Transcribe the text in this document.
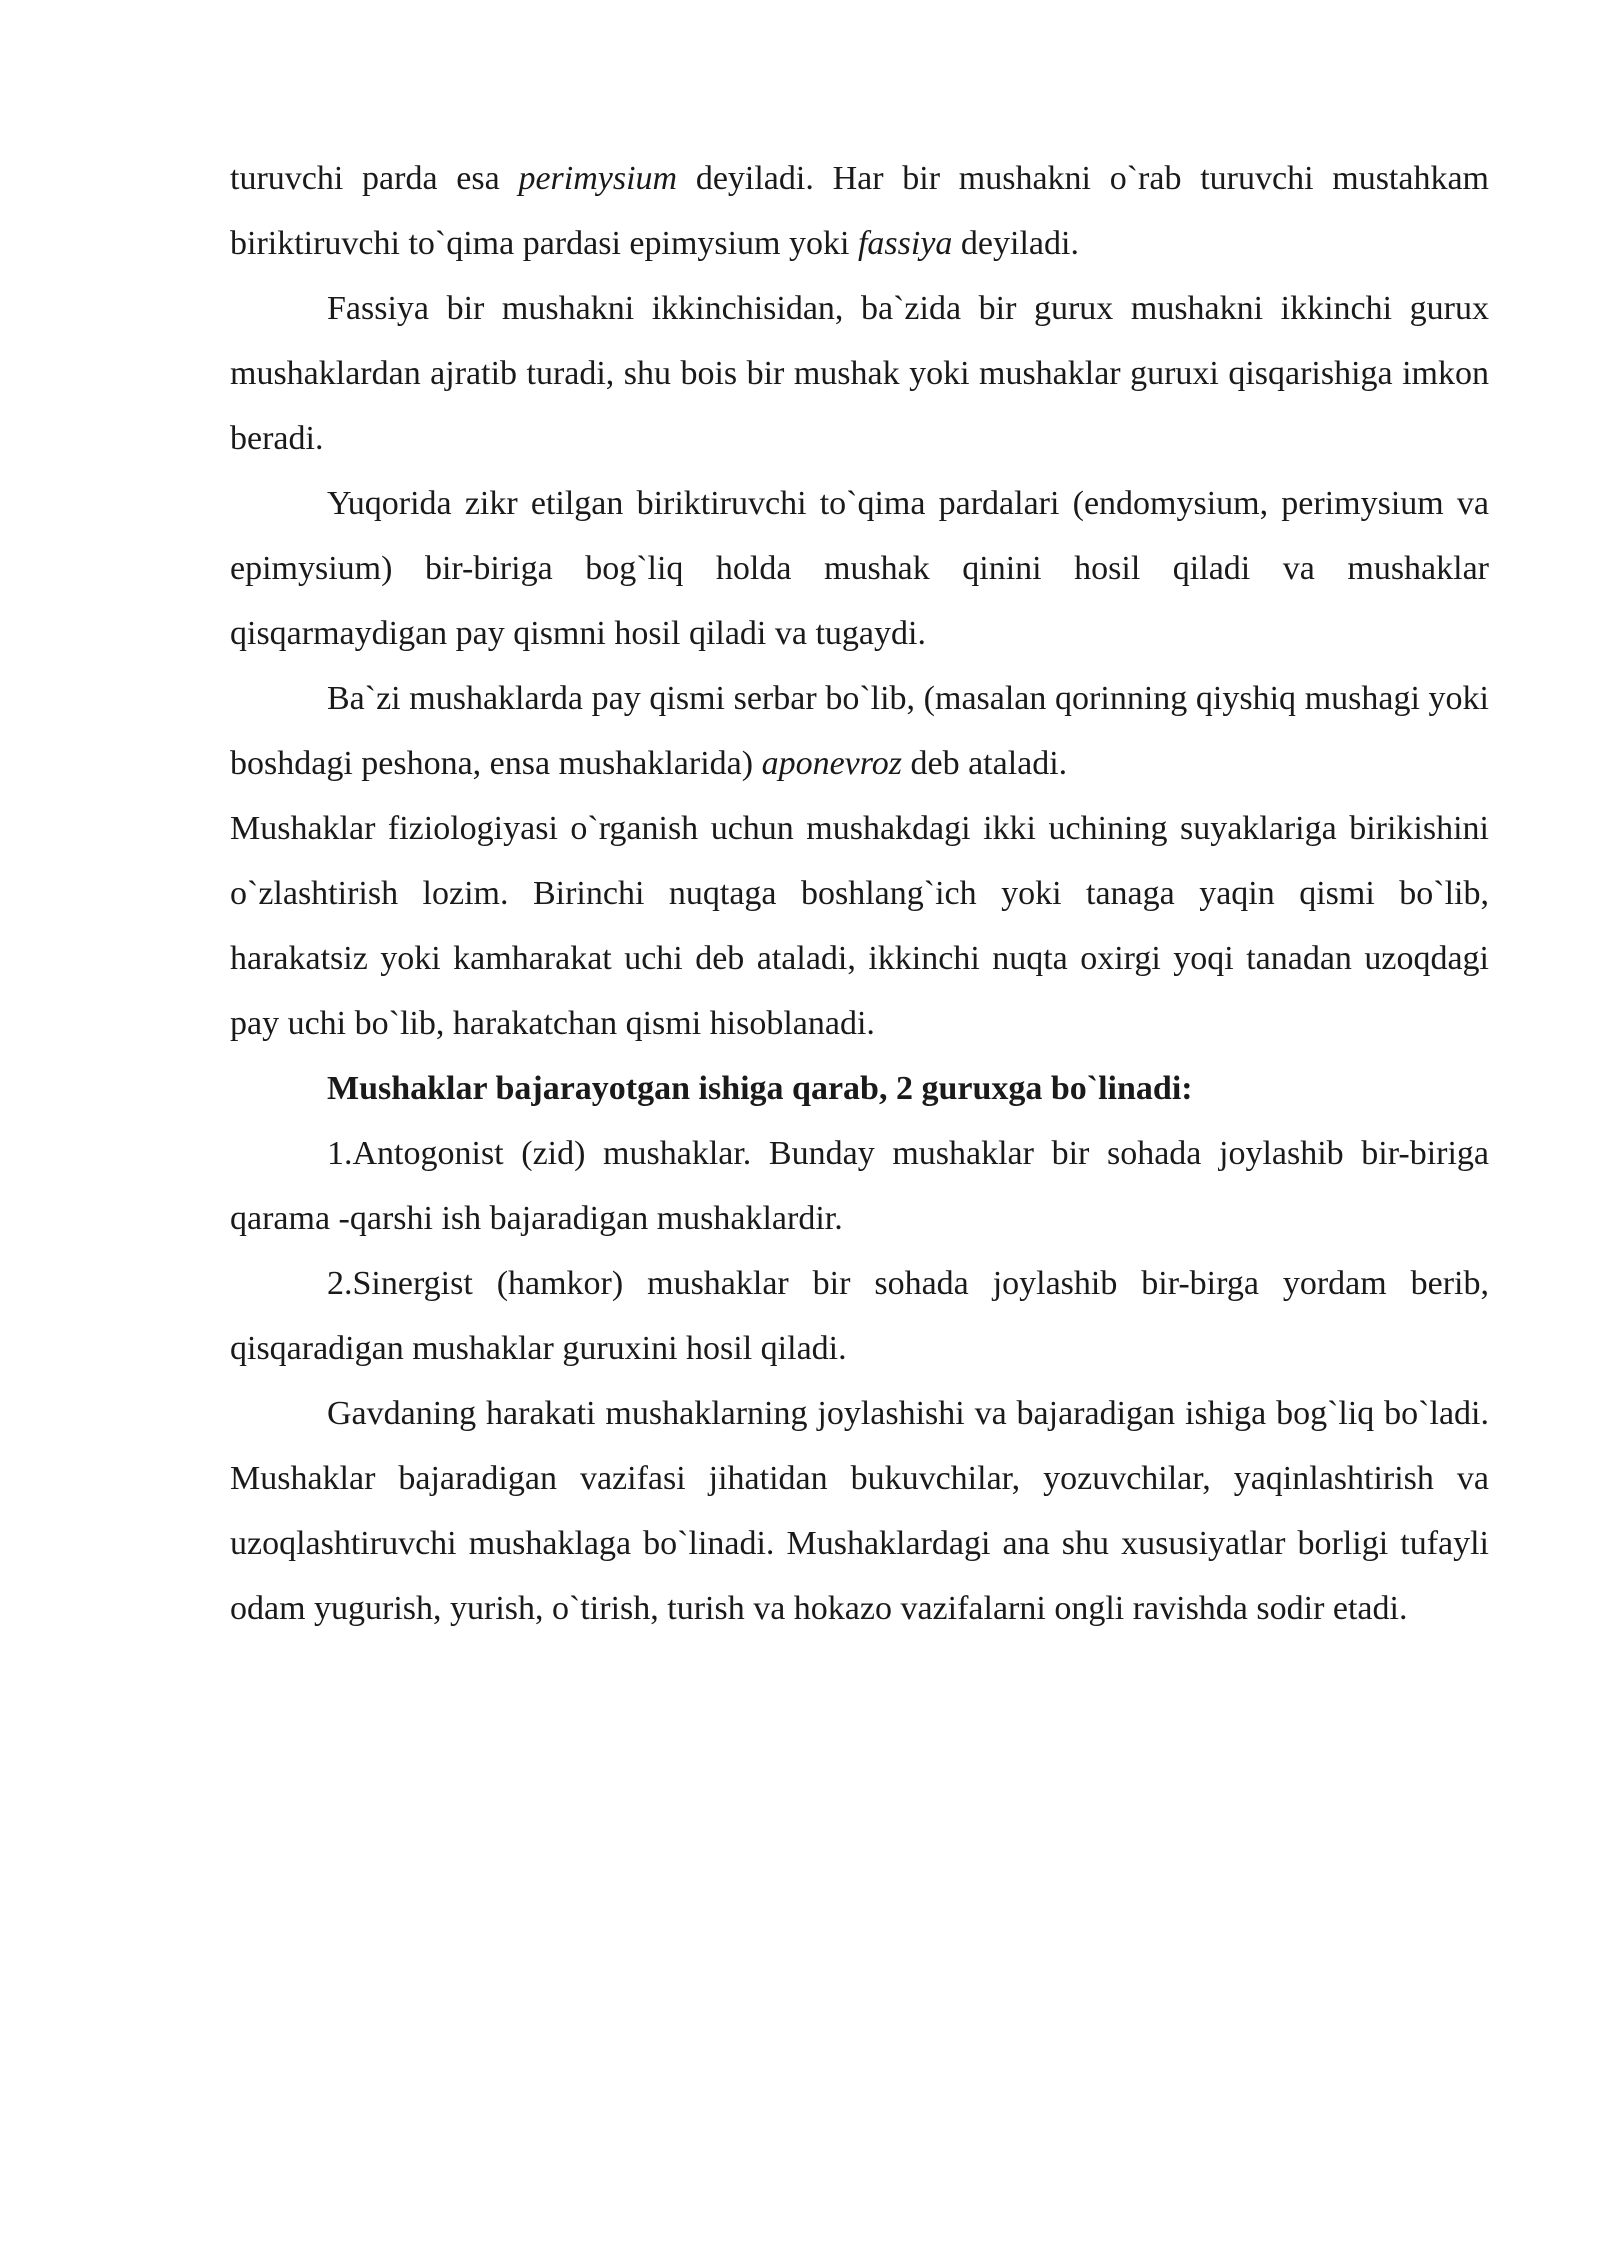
turuvchi parda esa perimysium deyiladi. Har bir mushakni o`rab turuvchi mustahkam biriktiruvchi to`qima pardasi epimysium yoki fassiya deyiladi.

Fassiya bir mushakni ikkinchisidan, ba`zida bir gurux mushakni ikkinchi gurux mushaklardan ajratib turadi, shu bois bir mushak yoki mushaklar guruxi qisqarishiga imkon beradi.

Yuqorida zikr etilgan biriktiruvchi to`qima pardalari (endomysium, perimysium va epimysium) bir-biriga bog`liq holda mushak qinini hosil qiladi va mushaklar qisqarmaydigan pay qismni hosil qiladi va tugaydi.

Ba`zi mushaklarda pay qismi serbar bo`lib, (masalan qorinning qiyshiq mushagi yoki boshdagi peshona, ensa mushaklarida) aponevroz deb ataladi.

Mushaklar fiziologiyasi o`rganish uchun mushakdagi ikki uchining suyaklariga birikishini o`zlashtirish lozim. Birinchi nuqtaga boshlang`ich yoki tanaga yaqin qismi bo`lib, harakatsiz yoki kamharakat uchi deb ataladi, ikkinchi nuqta oxirgi yoqi tanadan uzoqdagi pay uchi bo`lib, harakatchan qismi hisoblanadi.

Mushaklar bajarayotgan ishiga qarab, 2 guruxga bo`linadi:

1.Antogonist (zid) mushaklar. Bunday mushaklar bir sohada joylashib bir-biriga qarama -qarshi ish bajaradigan mushaklardir.

2.Sinergist (hamkor) mushaklar bir sohada joylashib bir-birga yordam berib, qisqaradigan mushaklar guruxini hosil qiladi.

Gavdaning harakati mushaklarning joylashishi va bajaradigan ishiga bog`liq bo`ladi. Mushaklar bajaradigan vazifasi jihatidan bukuvchilar, yozuvchilar, yaqinlashtirish va uzoqlashtiruvchi mushaklaga bo`linadi. Mushaklardagi ana shu xususiyatlar borligi tufayli odam yugurish, yurish, o`tirish, turish va hokazo vazifalarni ongli ravishda sodir etadi.
